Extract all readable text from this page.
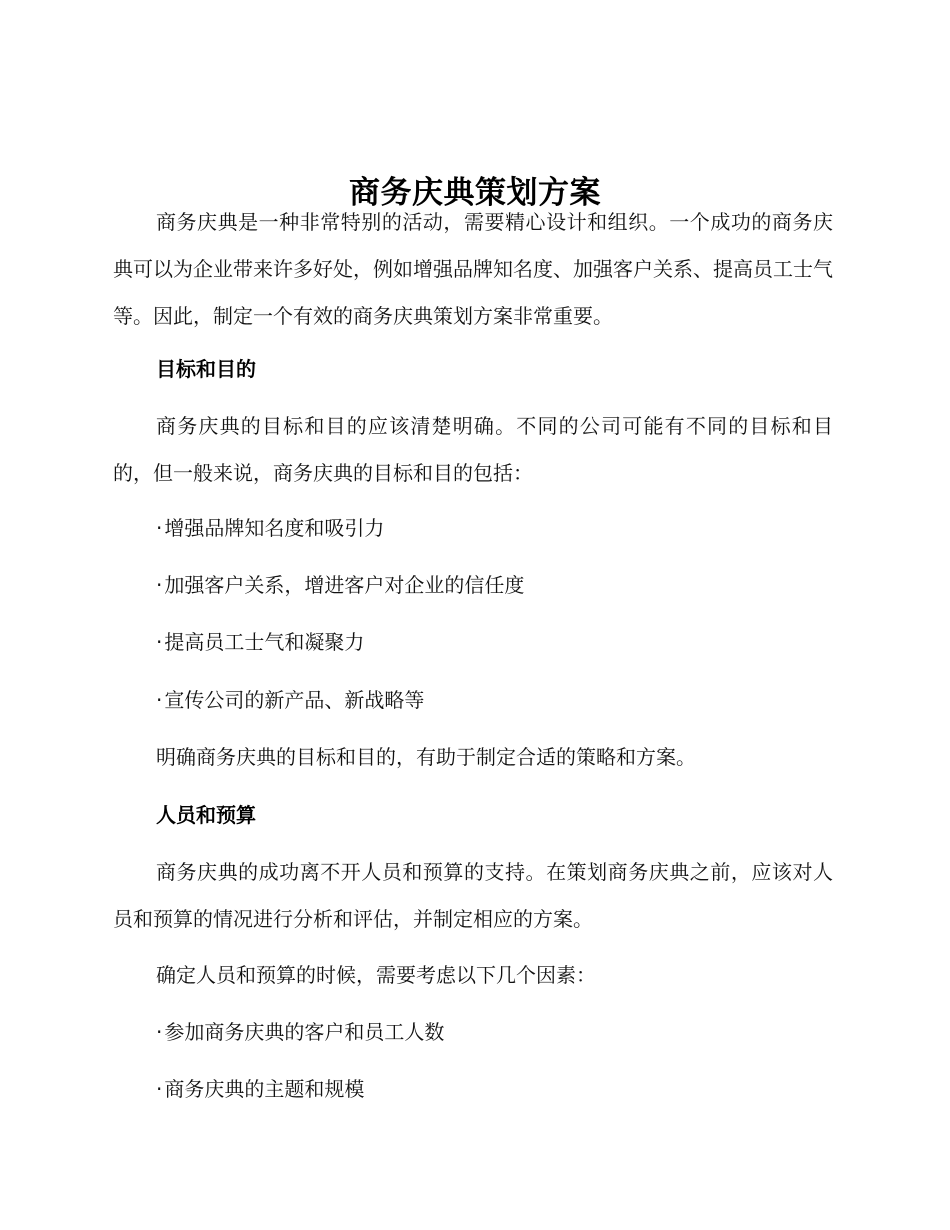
商务庆典策划方案

商务庆典是一种非常特别的活动，需要精心设计和组织。一个成功的商务庆典可以为企业带来许多好处，例如增强品牌知名度、加强客户关系、提高员工士气等。因此，制定一个有效的商务庆典策划方案非常重要。

目标和目的

商务庆典的目标和目的应该清楚明确。不同的公司可能有不同的目标和目的，但一般来说，商务庆典的目标和目的包括：

· 增强品牌知名度和吸引力

· 加强客户关系，增进客户对企业的信任度

· 提高员工士气和凝聚力

· 宣传公司的新产品、新战略等

明确商务庆典的目标和目的，有助于制定合适的策略和方案。

人员和预算

商务庆典的成功离不开人员和预算的支持。在策划商务庆典之前，应该对人员和预算的情况进行分析和评估，并制定相应的方案。

确定人员和预算的时候，需要考虑以下几个因素：

· 参加商务庆典的客户和员工人数

· 商务庆典的主题和规模
